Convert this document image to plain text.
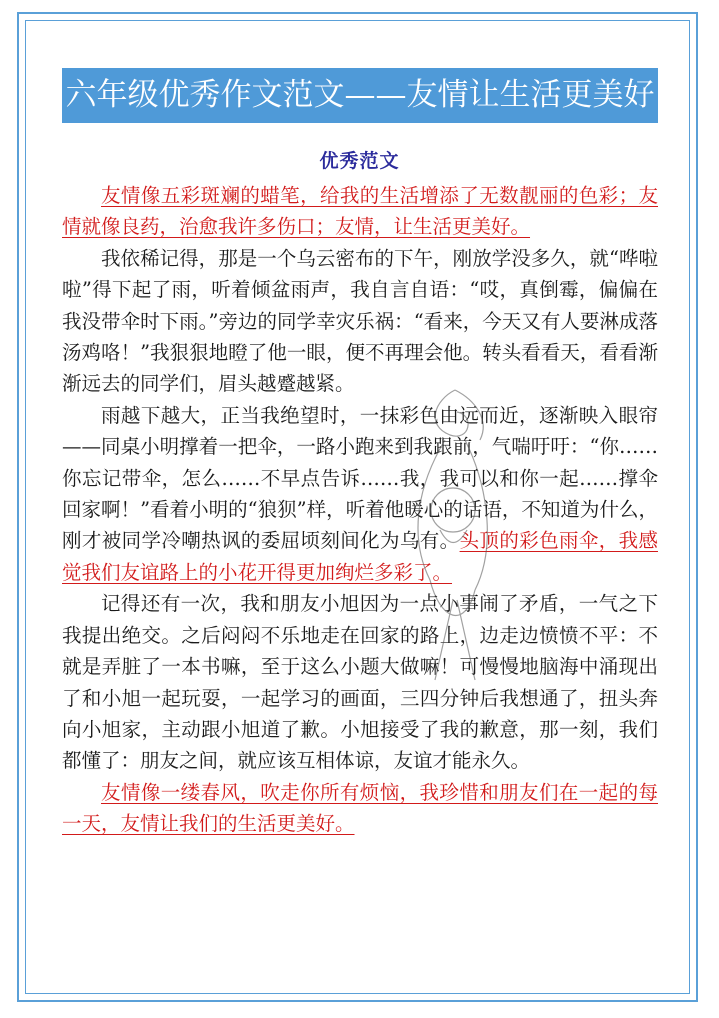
六年级优秀作文范文——友情让生活更美好
优秀范文

友情像五彩斑斓的蜡笔，给我的生活增添了无数靓丽的色彩；友情就像良药，治愈我许多伤口；友情，让生活更美好。

我依稀记得，那是一个乌云密布的下午，刚放学没多久，就“哗啦啦”得下起了雨，听着倾盆雨声，我自言自语：“哎，真倒霉，偏偏在我没带伞时下雨。”旁边的同学幸灾乐祸：“看来，今天又有人要淋成落汤鸡咯！”我狠狠地瞪了他一眼，便不再理会他。转头看看天，看看渐渐远去的同学们，眉头越蹙越紧。

雨越下越大，正当我绝望时，一抹彩色由远而近，逐渐映入眼帘——同桌小明撑着一把伞，一路小跑来到我跟前，气喘吁吁：“你……你忘记带伞，怎么……不早点告诉……我，我可以和你一起……撑伞回家啊！”看着小明的“狼狈”样，听着他暖心的话语，不知道为什么，刚才被同学冷嘲热讽的委屈顷刻间化为乌有。头顶的彩色雨伞，我感觉我们友谊路上的小花开得更加绚烂多彩了。

记得还有一次，我和朋友小旭因为一点小事闹了矛盾，一气之下我提出绝交。之后闷闷不乐地走在回家的路上，边走边愤愤不平：不就是弄脏了一本书嘛，至于这么小题大做嘛！可慢慢地脑海中涌现出了和小旭一起玩耍，一起学习的画面，三四分钟后我想通了，扭头奔向小旭家，主动跟小旭道了歉。小旭接受了我的歉意，那一刻，我们都懂了：朋友之间，就应该互相体谅，友谊才能永久。

友情像一缕春风，吹走你所有烦恼，我珍惜和朋友们在一起的每一天，友情让我们的生活更美好。
